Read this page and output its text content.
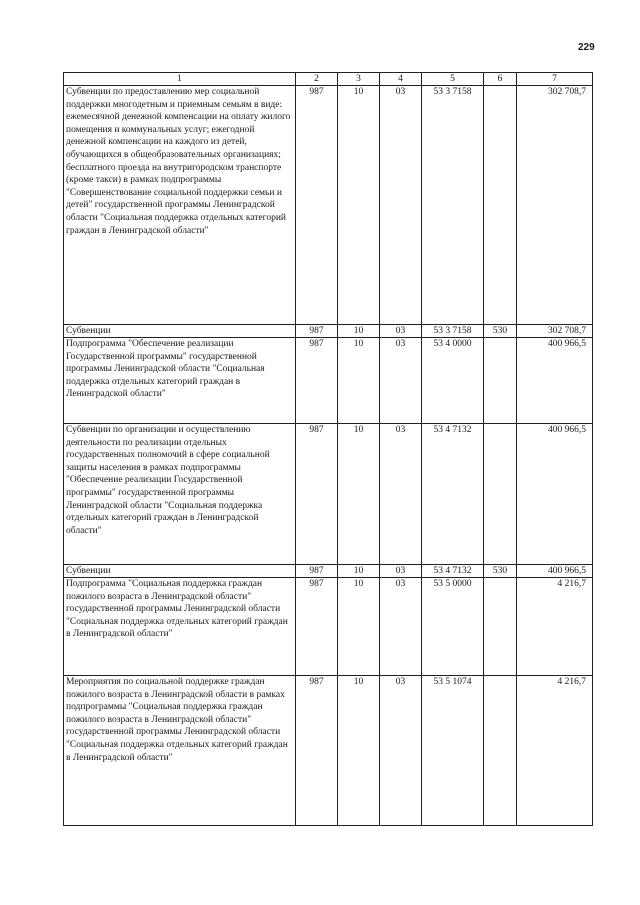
229
1	2	3	4	5	6	7
Субвенции по предоставлению мер социальной поддержки многодетным и приемным семьям в виде: ежемесячной денежной компенсации на оплату жилого помещения и коммунальных услуг; ежегодной денежной компенсации на каждого из детей, обучающихся в общеобразовательных организациях; бесплатного проезда на внутригородском транспорте (кроме такси) в рамках подпрограммы "Совершенствование социальной поддержки семьи и детей" государственной программы Ленинградской области "Социальная поддержка отдельных категорий граждан в Ленинградской области"	987	10	03	53 3 7158		302 708,7
Субвенции	987	10	03	53 3 7158	530	302 708,7
Подпрограмма "Обеспечение реализации Государственной программы" государственной программы Ленинградской области "Социальная поддержка отдельных категорий граждан в Ленинградской области"	987	10	03	53 4 0000		400 966,5
Субвенции по организации и осуществлению деятельности по реализации отдельных государственных полномочий в сфере социальной защиты населения в рамках подпрограммы "Обеспечение реализации Государственной программы" государственной программы Ленинградской области "Социальная поддержка отдельных категорий граждан в Ленинградской области"	987	10	03	53 4 7132		400 966,5
Субвенции	987	10	03	53 4 7132	530	400 966,5
Подпрограмма "Социальная поддержка граждан пожилого возраста в Ленинградской области" государственной программы Ленинградской области "Социальная поддержка отдельных категорий граждан в Ленинградской области"	987	10	03	53 5 0000		4 216,7
Мероприятия по социальной поддержке граждан пожилого возраста в Ленинградской области в рамках подпрограммы "Социальная поддержка граждан пожилого возраста в Ленинградской области" государственной программы Ленинградской области "Социальная поддержка отдельных категорий граждан в Ленинградской области"	987	10	03	53 5 1074		4 216,7
